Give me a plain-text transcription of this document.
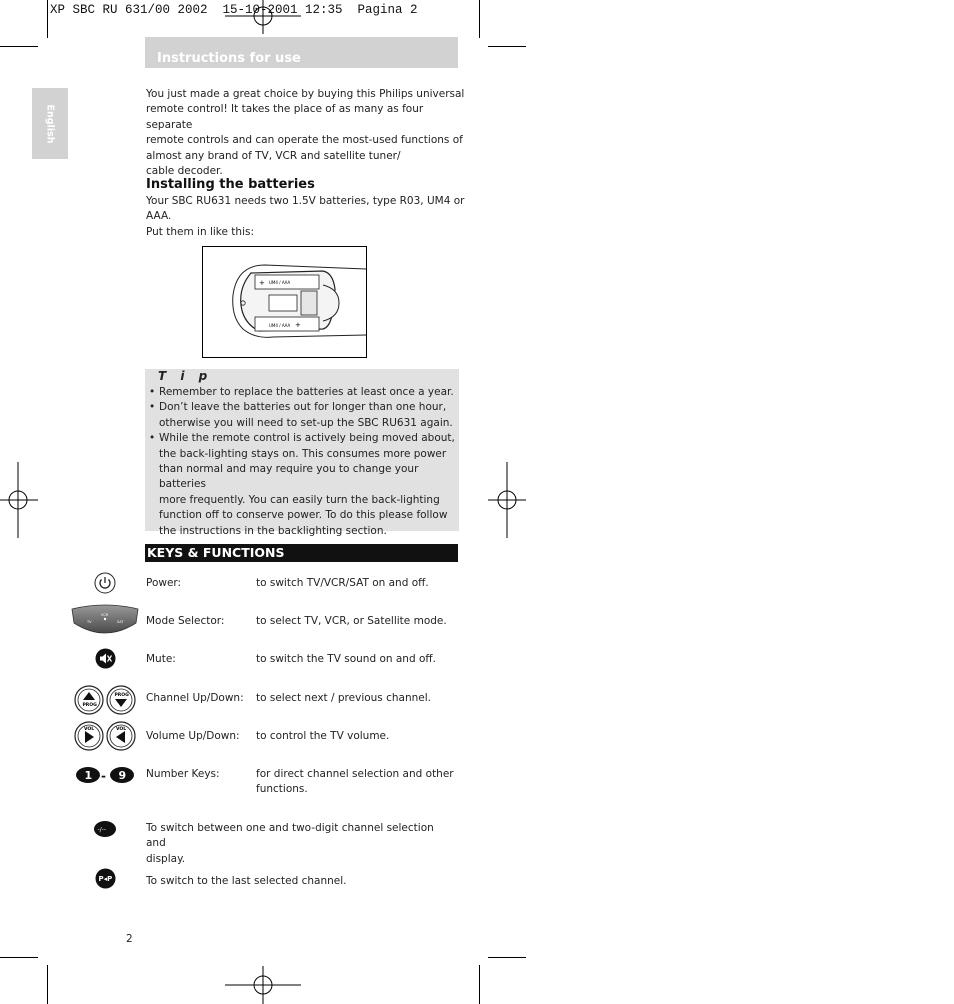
XP SBC RU 631/00 2002  15-10-2001 12:35  Pagina 2
Instructions for use
English
You just made a great choice by buying this Philips universal
remote control! It takes the place of as many as four separate
remote controls and can operate the most-used functions of
almost any brand of TV, VCR and satellite tuner/
cable decoder.
Installing the batteries
Your SBC RU631 needs two 1.5V batteries, type R03, UM4 or
AAA.
Put them in like this:
UM4 / AAA
UM4 / AAA
+
+
T i p
• Remember to replace the batteries at least once a year.
• Don’t leave the batteries out for longer than one hour,
otherwise you will need to set-up the SBC RU631 again.
• While the remote control is actively being moved about,
the back-lighting stays on. This consumes more power
than normal and may require you to change your batteries
more frequently. You can easily turn the back-lighting
function off to conserve power. To do this please follow
the instructions in the backlighting section.
KEYS & FUNCTIONS
Power:	to switch TV/VCR/SAT on and off.
VCR
TV	SAT Mode Selector:	to select TV, VCR, or Satellite mode.
Mute:	to switch the TV sound on and off.
PROG
PROG Channel Up/Down: to select next / previous channel.
VOL	VOL
Volume Up/Down: to control the TV volume.
1 - 9 Number Keys:	for direct channel selection and other
functions.
-/--	To switch between one and two-digit channel selection and
display.
P◂P	To switch to the last selected channel.
2
